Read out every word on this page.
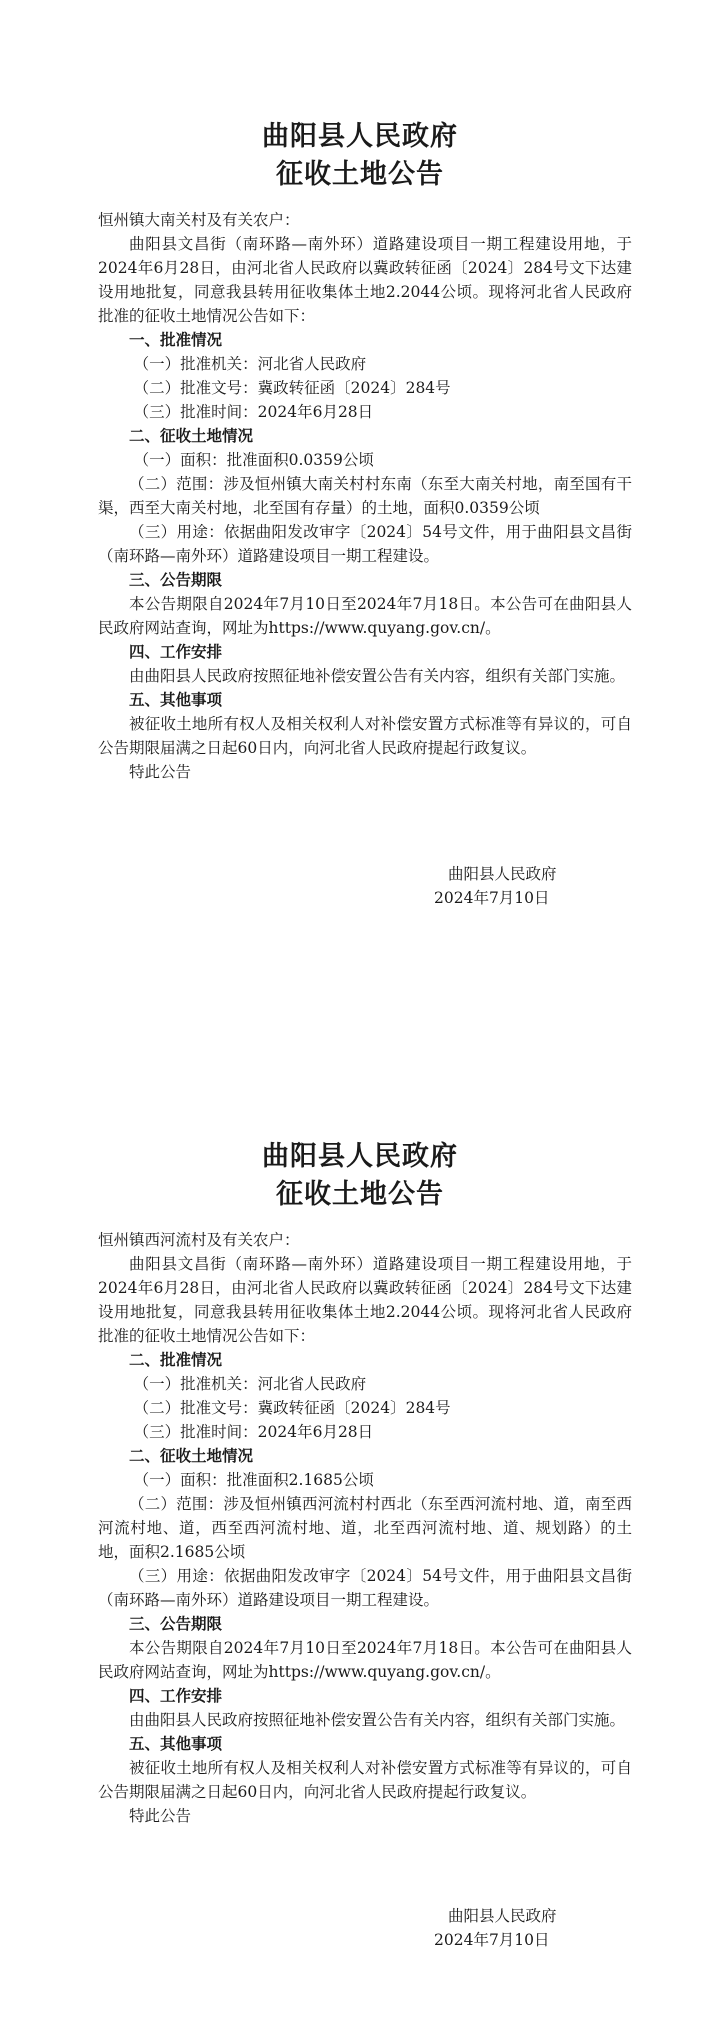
曲阳县人民政府
征收土地公告

恒州镇大南关村及有关农户：

曲阳县文昌街（南环路—南外环）道路建设项目一期工程建设用地，于2024年6月28日，由河北省人民政府以冀政转征函〔2024〕284号文下达建设用地批复，同意我县转用征收集体土地2.2044公顷。现将河北省人民政府批准的征收土地情况公告如下：

一、批准情况

（一）批准机关：河北省人民政府

（二）批准文号：冀政转征函〔2024〕284号

（三）批准时间：2024年6月28日

二、征收土地情况

（一）面积：批准面积0.0359公顷

（二）范围：涉及恒州镇大南关村村东南（东至大南关村地，南至国有干渠，西至大南关村地，北至国有存量）的土地，面积0.0359公顷

（三）用途：依据曲阳发改审字〔2024〕54号文件，用于曲阳县文昌街（南环路—南外环）道路建设项目一期工程建设。

三、公告期限

本公告期限自2024年7月10日至2024年7月18日。本公告可在曲阳县人民政府网站查询，网址为https://www.quyang.gov.cn/。

四、工作安排

由曲阳县人民政府按照征地补偿安置公告有关内容，组织有关部门实施。

五、其他事项

被征收土地所有权人及相关权利人对补偿安置方式标准等有异议的，可自公告期限届满之日起60日内，向河北省人民政府提起行政复议。

特此公告

曲阳县人民政府
2024年7月10日
曲阳县人民政府
征收土地公告

恒州镇西河流村及有关农户：

曲阳县文昌街（南环路—南外环）道路建设项目一期工程建设用地，于2024年6月28日，由河北省人民政府以冀政转征函〔2024〕284号文下达建设用地批复，同意我县转用征收集体土地2.2044公顷。现将河北省人民政府批准的征收土地情况公告如下：

二、批准情况

（一）批准机关：河北省人民政府

（二）批准文号：冀政转征函〔2024〕284号

（三）批准时间：2024年6月28日

二、征收土地情况

（一）面积：批准面积2.1685公顷

（二）范围：涉及恒州镇西河流村村西北（东至西河流村地、道，南至西河流村地、道，西至西河流村地、道，北至西河流村地、道、规划路）的土地，面积2.1685公顷

（三）用途：依据曲阳发改审字〔2024〕54号文件，用于曲阳县文昌街（南环路—南外环）道路建设项目一期工程建设。

三、公告期限

本公告期限自2024年7月10日至2024年7月18日。本公告可在曲阳县人民政府网站查询，网址为https://www.quyang.gov.cn/。

四、工作安排

由曲阳县人民政府按照征地补偿安置公告有关内容，组织有关部门实施。

五、其他事项

被征收土地所有权人及相关权利人对补偿安置方式标准等有异议的，可自公告期限届满之日起60日内，向河北省人民政府提起行政复议。

特此公告

曲阳县人民政府
2024年7月10日
